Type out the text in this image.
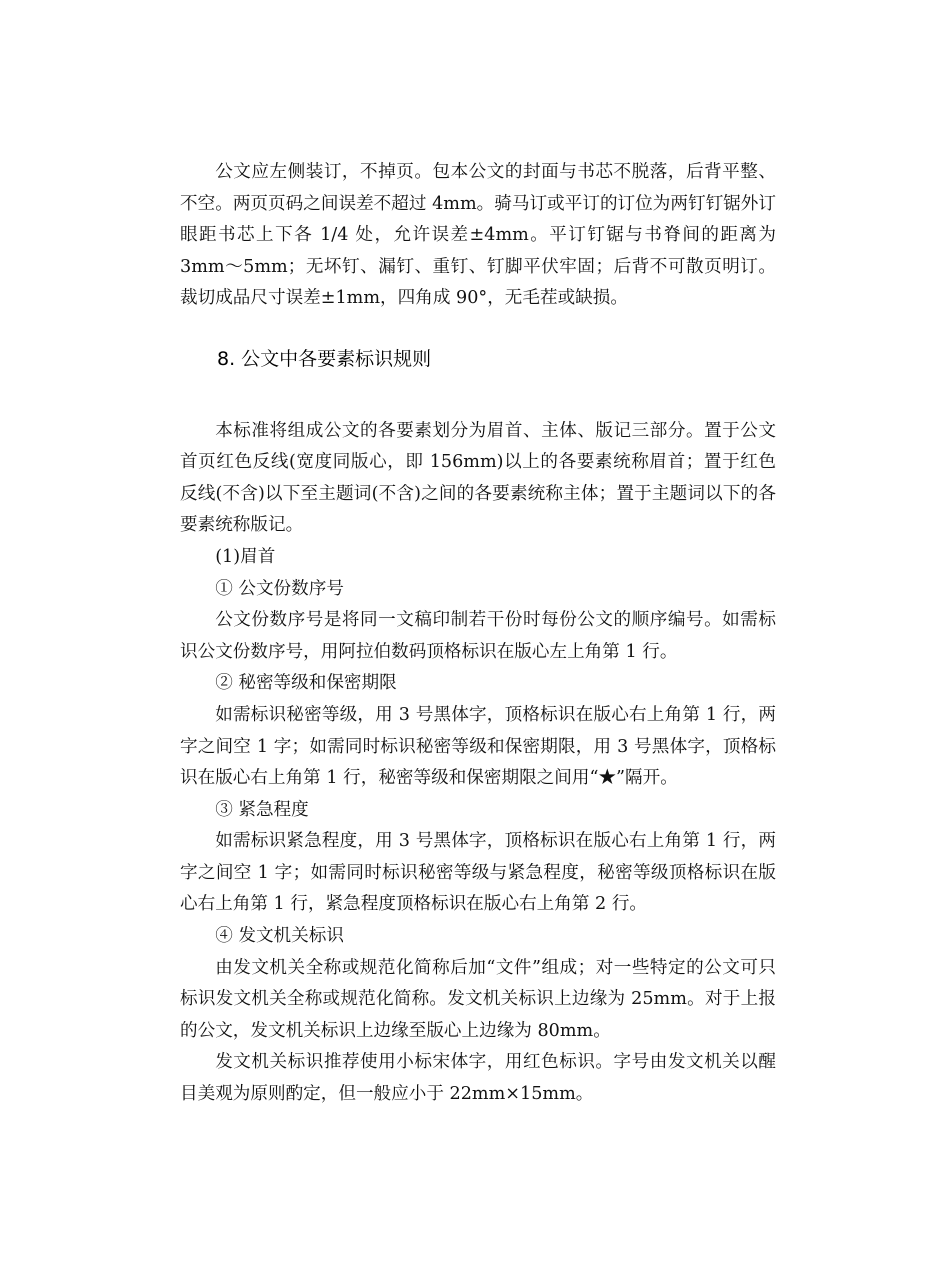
公文应左侧装订，不掉页。包本公文的封面与书芯不脱落，后背平整、不空。两页页码之间误差不超过 4mm。骑马订或平订的订位为两钉钉锯外订眼距书芯上下各 1/4 处，允许误差±4mm。平订钉锯与书脊间的距离为 3mm～5mm；无坏钉、漏钉、重钉、钉脚平伏牢固；后背不可散页明订。裁切成品尺寸误差±1mm，四角成 90°，无毛茬或缺损。

8. 公文中各要素标识规则

本标准将组成公文的各要素划分为眉首、主体、版记三部分。置于公文首页红色反线(宽度同版心，即 156mm)以上的各要素统称眉首；置于红色反线(不含)以下至主题词(不含)之间的各要素统称主体；置于主题词以下的各要素统称版记。

(1)眉首

① 公文份数序号

公文份数序号是将同一文稿印制若干份时每份公文的顺序编号。如需标识公文份数序号，用阿拉伯数码顶格标识在版心左上角第 1 行。

② 秘密等级和保密期限

如需标识秘密等级，用 3 号黑体字，顶格标识在版心右上角第 1 行，两字之间空 1 字；如需同时标识秘密等级和保密期限，用 3 号黑体字，顶格标识在版心右上角第 1 行，秘密等级和保密期限之间用“★”隔开。

③ 紧急程度

如需标识紧急程度，用 3 号黑体字，顶格标识在版心右上角第 1 行，两字之间空 1 字；如需同时标识秘密等级与紧急程度，秘密等级顶格标识在版心右上角第 1 行，紧急程度顶格标识在版心右上角第 2 行。

④ 发文机关标识

由发文机关全称或规范化简称后加“文件”组成；对一些特定的公文可只标识发文机关全称或规范化简称。发文机关标识上边缘为 25mm。对于上报的公文，发文机关标识上边缘至版心上边缘为 80mm。

发文机关标识推荐使用小标宋体字，用红色标识。字号由发文机关以醒目美观为原则酌定，但一般应小于 22mm×15mm。
